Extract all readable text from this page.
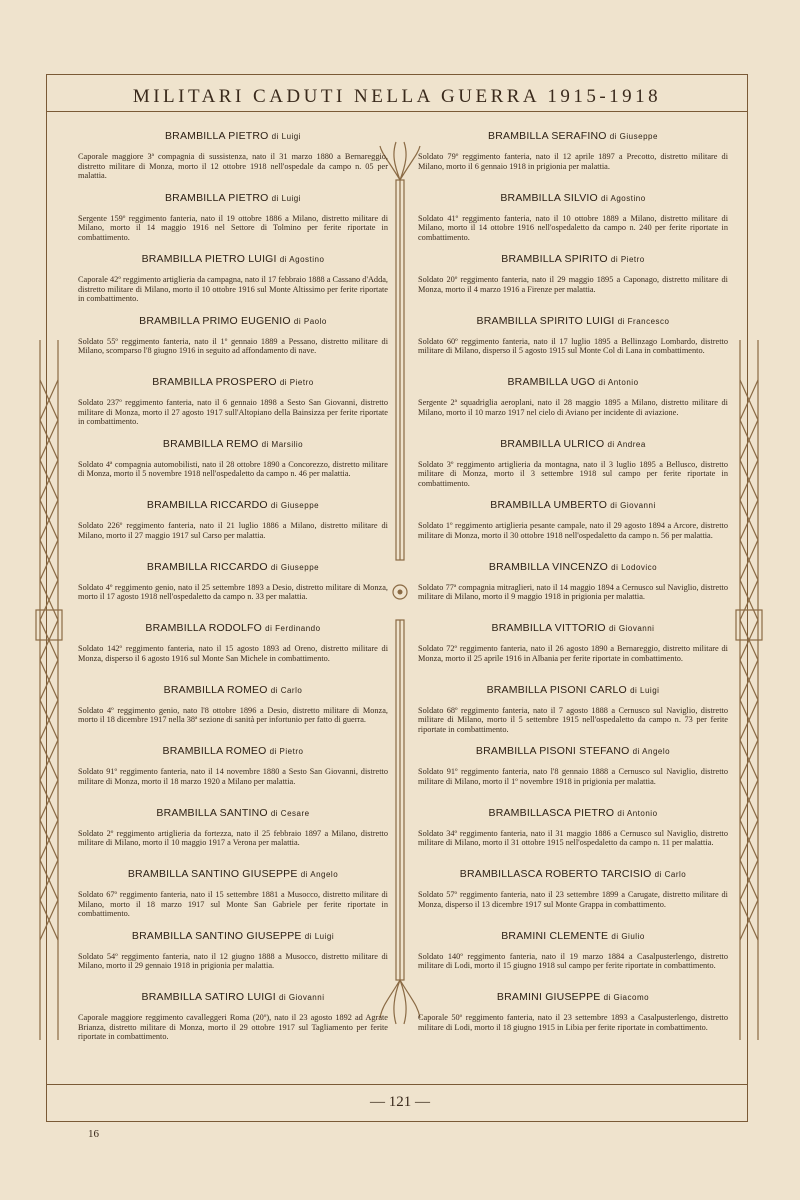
MILITARI CADUTI NELLA GUERRA 1915-1918
BRAMBILLA PIETRO di Luigi
Caporale maggiore 3ª compagnia di sussistenza, nato il 31 marzo 1880 a Bernareggio, distretto militare di Monza, morto il 12 ottobre 1918 nell'ospedale da campo n. 05 per malattia.
BRAMBILLA PIETRO di Luigi
Sergente 159º reggimento fanteria, nato il 19 ottobre 1886 a Milano, distretto militare di Milano, morto il 14 maggio 1916 nel Settore di Tolmino per ferite riportate in combattimento.
BRAMBILLA PIETRO LUIGI di Agostino
Caporale 42º reggimento artiglieria da campagna, nato il 17 febbraio 1888 a Cassano d'Adda, distretto militare di Milano, morto il 10 ottobre 1916 sul Monte Altissimo per ferite riportate in combattimento.
BRAMBILLA PRIMO EUGENIO di Paolo
Soldato 55º reggimento fanteria, nato il 1º gennaio 1889 a Pessano, distretto militare di Milano, scomparso l'8 giugno 1916 in seguito ad affondamento di nave.
BRAMBILLA PROSPERO di Pietro
Soldato 237º reggimento fanteria, nato il 6 gennaio 1898 a Sesto San Giovanni, distretto militare di Monza, morto il 27 agosto 1917 sull'Altopiano della Bainsizza per ferite riportate in combattimento.
BRAMBILLA REMO di Marsilio
Soldato 4ª compagnia automobilisti, nato il 28 ottobre 1890 a Concorezzo, distretto militare di Monza, morto il 5 novembre 1918 nell'ospedaletto da campo n. 46 per malattia.
BRAMBILLA RICCARDO di Giuseppe
Soldato 226º reggimento fanteria, nato il 21 luglio 1886 a Milano, distretto militare di Milano, morto il 27 maggio 1917 sul Carso per malattia.
BRAMBILLA RICCARDO di Giuseppe
Soldato 4º reggimento genio, nato il 25 settembre 1893 a Desio, distretto militare di Monza, morto il 17 agosto 1918 nell'ospedaletto da campo n. 33 per malattia.
BRAMBILLA RODOLFO di Ferdinando
Soldato 142º reggimento fanteria, nato il 15 agosto 1893 ad Oreno, distretto militare di Monza, disperso il 6 agosto 1916 sul Monte San Michele in combattimento.
BRAMBILLA ROMEO di Carlo
Soldato 4º reggimento genio, nato l'8 ottobre 1896 a Desio, distretto militare di Monza, morto il 18 dicembre 1917 nella 38ª sezione di sanità per infortunio per fatto di guerra.
BRAMBILLA ROMEO di Pietro
Soldato 91º reggimento fanteria, nato il 14 novembre 1880 a Sesto San Giovanni, distretto militare di Monza, morto il 18 marzo 1920 a Milano per malattia.
BRAMBILLA SANTINO di Cesare
Soldato 2º reggimento artiglieria da fortezza, nato il 25 febbraio 1897 a Milano, distretto militare di Milano, morto il 10 maggio 1917 a Verona per malattia.
BRAMBILLA SANTINO GIUSEPPE di Angelo
Soldato 67º reggimento fanteria, nato il 15 settembre 1881 a Musocco, distretto militare di Milano, morto il 18 marzo 1917 sul Monte San Gabriele per ferite riportate in combattimento.
BRAMBILLA SANTINO GIUSEPPE di Luigi
Soldato 54º reggimento fanteria, nato il 12 giugno 1888 a Musocco, distretto militare di Milano, morto il 29 gennaio 1918 in prigionia per malattia.
BRAMBILLA SATIRO LUIGI di Giovanni
Caporale maggiore reggimento cavalleggeri Roma (20º), nato il 23 agosto 1892 ad Agrate Brianza, distretto militare di Monza, morto il 29 ottobre 1917 sul Tagliamento per ferite riportate in combattimento.
BRAMBILLA SERAFINO di Giuseppe
Soldato 79º reggimento fanteria, nato il 12 aprile 1897 a Precotto, distretto militare di Milano, morto il 6 gennaio 1918 in prigionia per malattia.
BRAMBILLA SILVIO di Agostino
Soldato 41º reggimento fanteria, nato il 10 ottobre 1889 a Milano, distretto militare di Milano, morto il 14 ottobre 1916 nell'ospedaletto da campo n. 240 per ferite riportate in combattimento.
BRAMBILLA SPIRITO di Pietro
Soldato 20º reggimento fanteria, nato il 29 maggio 1895 a Caponago, distretto militare di Monza, morto il 4 marzo 1916 a Firenze per malattia.
BRAMBILLA SPIRITO LUIGI di Francesco
Soldato 60º reggimento fanteria, nato il 17 luglio 1895 a Bellinzago Lombardo, distretto militare di Milano, disperso il 5 agosto 1915 sul Monte Col di Lana in combattimento.
BRAMBILLA UGO di Antonio
Sergente 2ª squadriglia aeroplani, nato il 28 maggio 1895 a Milano, distretto militare di Milano, morto il 10 marzo 1917 nel cielo di Aviano per incidente di aviazione.
BRAMBILLA ULRICO di Andrea
Soldato 3º reggimento artiglieria da montagna, nato il 3 luglio 1895 a Bellusco, distretto militare di Monza, morto il 3 settembre 1918 sul campo per ferite riportate in combattimento.
BRAMBILLA UMBERTO di Giovanni
Soldato 1º reggimento artiglieria pesante campale, nato il 29 agosto 1894 a Arcore, distretto militare di Monza, morto il 30 ottobre 1918 nell'ospedaletto da campo n. 56 per malattia.
BRAMBILLA VINCENZO di Lodovico
Soldato 77ª compagnia mitraglieri, nato il 14 maggio 1894 a Cernusco sul Naviglio, distretto militare di Milano, morto il 9 maggio 1918 in prigionia per malattia.
BRAMBILLA VITTORIO di Giovanni
Soldato 72º reggimento fanteria, nato il 26 agosto 1890 a Bernareggio, distretto militare di Monza, morto il 25 aprile 1916 in Albania per ferite riportate in combattimento.
BRAMBILLA PISONI CARLO di Luigi
Soldato 68º reggimento fanteria, nato il 7 agosto 1888 a Cernusco sul Naviglio, distretto militare di Milano, morto il 5 settembre 1915 nell'ospedaletto da campo n. 73 per ferite riportate in combattimento.
BRAMBILLA PISONI STEFANO di Angelo
Soldato 91º reggimento fanteria, nato l'8 gennaio 1888 a Cernusco sul Naviglio, distretto militare di Milano, morto il 1º novembre 1918 in prigionia per malattia.
BRAMBILLASCA PIETRO di Antonio
Soldato 34º reggimento fanteria, nato il 31 maggio 1886 a Cernusco sul Naviglio, distretto militare di Milano, morto il 31 ottobre 1915 nell'ospedaletto da campo n. 11 per malattia.
BRAMBILLASCA ROBERTO TARCISIO di Carlo
Soldato 57º reggimento fanteria, nato il 23 settembre 1899 a Carugate, distretto militare di Monza, disperso il 13 dicembre 1917 sul Monte Grappa in combattimento.
BRAMINI CLEMENTE di Giulio
Soldato 140º reggimento fanteria, nato il 19 marzo 1884 a Casalpusterlengo, distretto militare di Lodi, morto il 15 giugno 1918 sul campo per ferite riportate in combattimento.
BRAMINI GIUSEPPE di Giacomo
Caporale 50º reggimento fanteria, nato il 23 settembre 1893 a Casalpusterlengo, distretto militare di Lodi, morto il 18 giugno 1915 in Libia per ferite riportate in combattimento.
— 121 —
16
